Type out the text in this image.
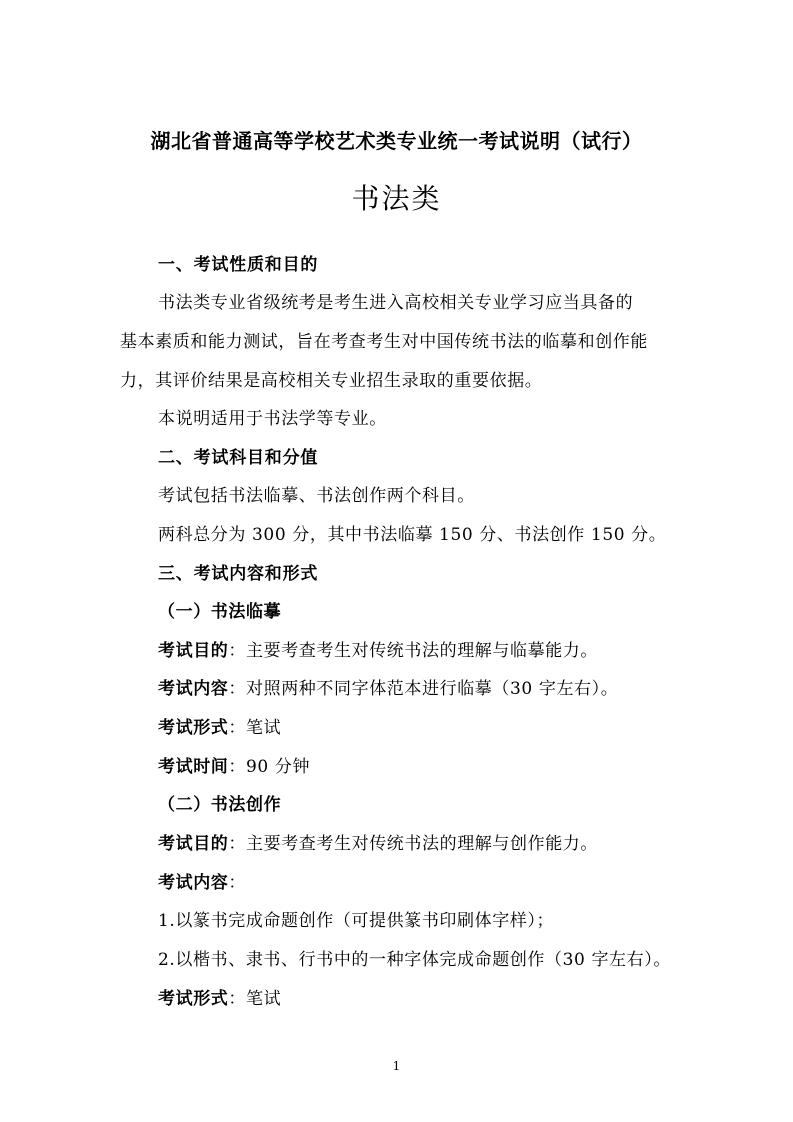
湖北省普通高等学校艺术类专业统一考试说明（试行）
书法类
一、考试性质和目的
书法类专业省级统考是考生进入高校相关专业学习应当具备的
基本素质和能力测试，旨在考查考生对中国传统书法的临摹和创作能
力，其评价结果是高校相关专业招生录取的重要依据。
本说明适用于书法学等专业。
二、考试科目和分值
考试包括书法临摹、书法创作两个科目。
两科总分为 300 分，其中书法临摹 150 分、书法创作 150 分。
三、考试内容和形式
（一）书法临摹
考试目的：主要考查考生对传统书法的理解与临摹能力。
考试内容：对照两种不同字体范本进行临摹（30 字左右）。
考试形式：笔试
考试时间：90 分钟
（二）书法创作
考试目的：主要考查考生对传统书法的理解与创作能力。
考试内容：
1.以篆书完成命题创作（可提供篆书印刷体字样）；
2.以楷书、隶书、行书中的一种字体完成命题创作（30 字左右）。
考试形式：笔试
1
